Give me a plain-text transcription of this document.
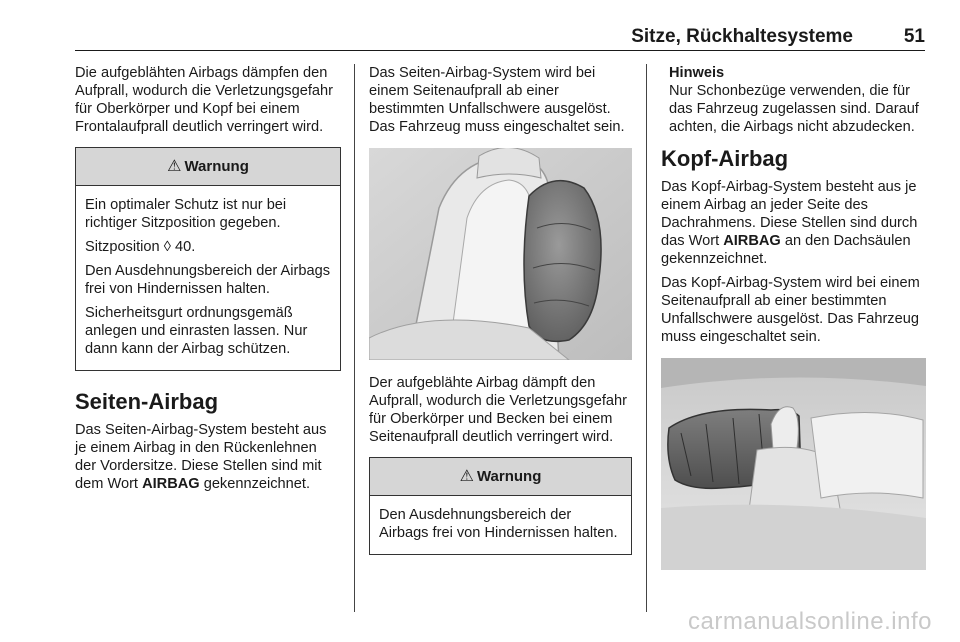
Sitze, Rückhaltesysteme	51

Die aufgeblähten Airbags dämpfen den Aufprall, wodurch die Verletzungsgefahr für Oberkörper und Kopf bei einem Frontalaufprall deutlich verringert wird.

⚠ Warnung

Ein optimaler Schutz ist nur bei richtiger Sitzposition gegeben.

Sitzposition ◊ 40.

Den Ausdehnungsbereich der Airbags frei von Hindernissen halten.

Sicherheitsgurt ordnungsgemäß anlegen und einrasten lassen. Nur dann kann der Airbag schützen.

Seiten-Airbag

Das Seiten-Airbag-System besteht aus je einem Airbag in den Rückenlehnen der Vordersitze. Diese Stellen sind mit dem Wort AIRBAG gekennzeichnet.

Das Seiten-Airbag-System wird bei einem Seitenaufprall ab einer bestimmten Unfallschwere ausgelöst. Das Fahrzeug muss eingeschaltet sein.

Der aufgeblähte Airbag dämpft den Aufprall, wodurch die Verletzungsgefahr für Oberkörper und Becken bei einem Seitenaufprall deutlich verringert wird.

⚠ Warnung

Den Ausdehnungsbereich der Airbags frei von Hindernissen halten.

Hinweis

Nur Schonbezüge verwenden, die für das Fahrzeug zugelassen sind. Darauf achten, die Airbags nicht abzudecken.

Kopf-Airbag

Das Kopf-Airbag-System besteht aus je einem Airbag an jeder Seite des Dachrahmens. Diese Stellen sind durch das Wort AIRBAG an den Dachsäulen gekennzeichnet.

Das Kopf-Airbag-System wird bei einem Seitenaufprall ab einer bestimmten Unfallschwere ausgelöst. Das Fahrzeug muss eingeschaltet sein.

carmanualsonline.info
